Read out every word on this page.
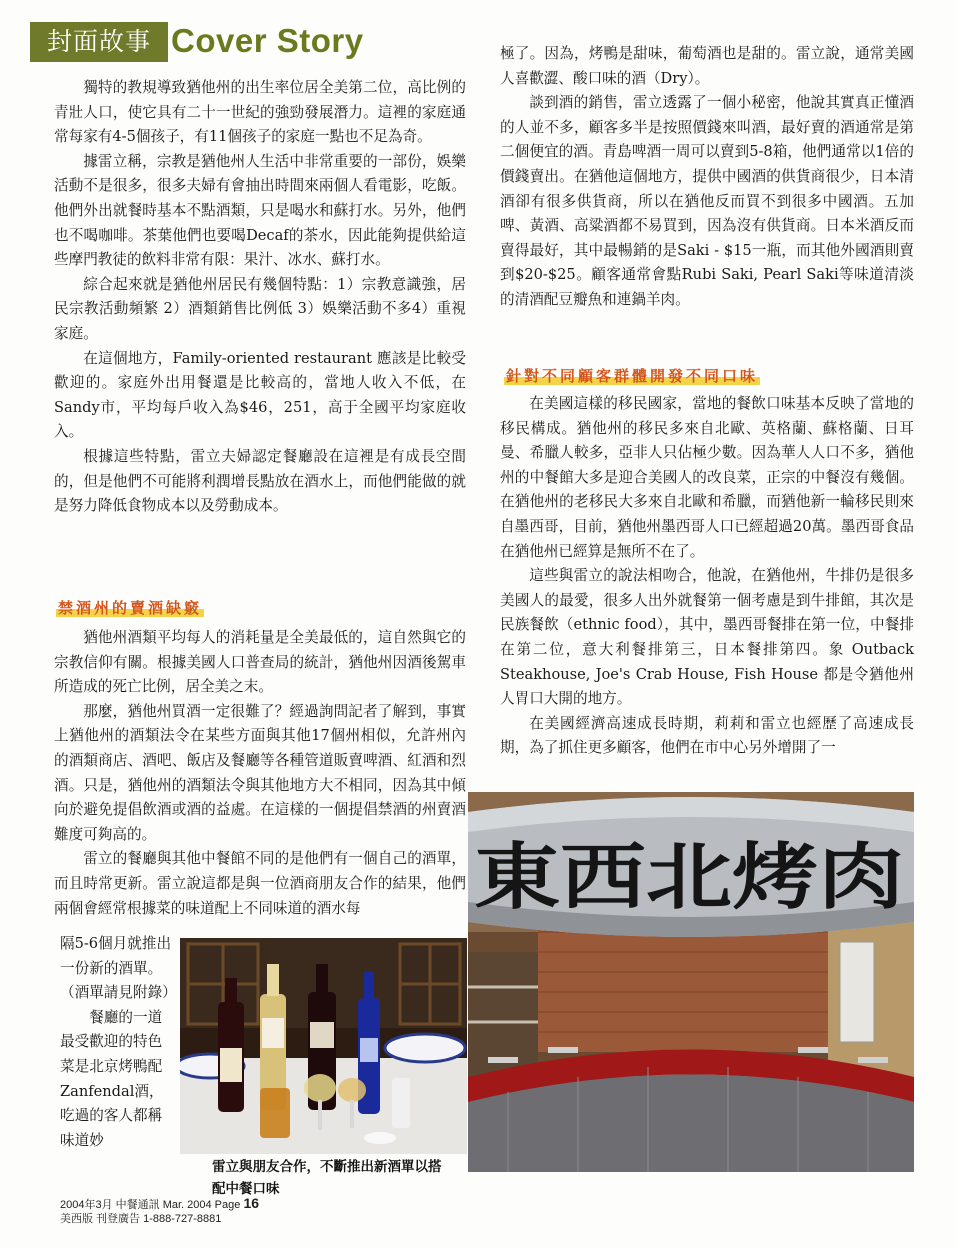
封面故事 Cover Story

獨特的教規導致猶他州的出生率位居全美第二位，高比例的青壯人口，使它具有二十一世紀的強勁發展潛力。這裡的家庭通常每家有4-5個孩子，有11個孩子的家庭一點也不足為奇。

據雷立稱，宗教是猶他州人生活中非常重要的一部份，娛樂活動不是很多，很多夫婦有會抽出時間來兩個人看電影，吃飯。他們外出就餐時基本不點酒類，只是喝水和蘇打水。另外，他們也不喝咖啡。茶葉他們也要喝Decaf的茶水，因此能夠提供給這些摩門教徒的飲料非常有限：果汁、冰水、蘇打水。

綜合起來就是猶他州居民有幾個特點：1）宗教意識強，居民宗教活動頻繁 2）酒類銷售比例低 3）娛樂活動不多4）重視家庭。

在這個地方，Family-oriented restaurant 應該是比較受歡迎的。家庭外出用餐還是比較高的，當地人收入不低，在Sandy市，平均每戶收入為$46，251，高于全國平均家庭收入。

根據這些特點，雷立夫婦認定餐廳設在這裡是有成長空間的，但是他們不可能將利潤增長點放在酒水上，而他們能做的就是努力降低食物成本以及勞動成本。

禁酒州的賣酒缺竅

猶他州酒類平均每人的消耗量是全美最低的，這自然與它的宗教信仰有關。根據美國人口普查局的統計，猶他州因酒後駕車所造成的死亡比例，居全美之末。

那麼，猶他州買酒一定很難了？經過詢問記者了解到，事實上猶他州的酒類法令在某些方面與其他17個州相似，允許州內的酒類商店、酒吧、飯店及餐廳等各種管道販賣啤酒、紅酒和烈酒。只是，猶他州的酒類法令與其他地方大不相同，因為其中傾向於避免提倡飲酒或酒的益處。在這樣的一個提倡禁酒的州賣酒難度可夠高的。

雷立的餐廳與其他中餐館不同的是他們有一個自己的酒單，而且時常更新。雷立說這都是與一位酒商朋友合作的結果，他們兩個會經常根據菜的味道配上不同味道的酒水每

隔5-6個月就推出一份新的酒單。（酒單請見附錄）

餐廳的一道最受歡迎的特色菜是北京烤鴨配Zanfendal酒，吃過的客人都稱味道妙

極了。因為，烤鴨是甜味，葡萄酒也是甜的。雷立說，通常美國人喜歡澀、酸口味的酒（Dry）。

談到酒的銷售，雷立透露了一個小秘密，他說其實真正懂酒的人並不多，顧客多半是按照價錢來叫酒，最好賣的酒通常是第二個便宜的酒。青島啤酒一周可以賣到5-8箱，他們通常以1倍的價錢賣出。在猶他這個地方，提供中國酒的供貨商很少，日本清酒卻有很多供貨商，所以在猶他反而買不到很多中國酒。五加啤、黃酒、高粱酒都不易買到，因為沒有供貨商。日本米酒反而賣得最好，其中最暢銷的是Saki - $15一瓶，而其他外國酒則賣到$20-$25。顧客通常會點Rubi Saki, Pearl Saki等味道清淡的清酒配豆瓣魚和連鍋羊肉。

針對不同顧客群體開發不同口味

在美國這樣的移民國家，當地的餐飲口味基本反映了當地的移民構成。猶他州的移民多來自北歐、英格蘭、蘇格蘭、日耳曼、希臘人較多，亞非人只佔極少數。因為華人人口不多，猶他州的中餐館大多是迎合美國人的改良菜，正宗的中餐沒有幾個。在猶他州的老移民大多來自北歐和希臘，而猶他新一輪移民則來自墨西哥，目前，猶他州墨西哥人口已經超過20萬。墨西哥食品在猶他州已經算是無所不在了。

這些與雷立的說法相吻合，他說，在猶他州，牛排仍是很多美國人的最愛，很多人出外就餐第一個考慮是到牛排館，其次是民族餐飲（ethnic food），其中，墨西哥餐排在第一位，中餐排在第二位，意大利餐排第三，日本餐排第四。象 Outback Steakhouse, Joe's Crab House, Fish House 都是令猶他州人胃口大開的地方。

在美國經濟高速成長時期，莉莉和雷立也經歷了高速成長期，為了抓住更多顧客，他們在市中心另外增開了一

東西北烤肉
雷立與朋友合作，不斷推出新酒單以搭配中餐口味
2004年3月 中餐通訊 Mar. 2004 Page 16
美西版 刊登廣告 1-888-727-8881
